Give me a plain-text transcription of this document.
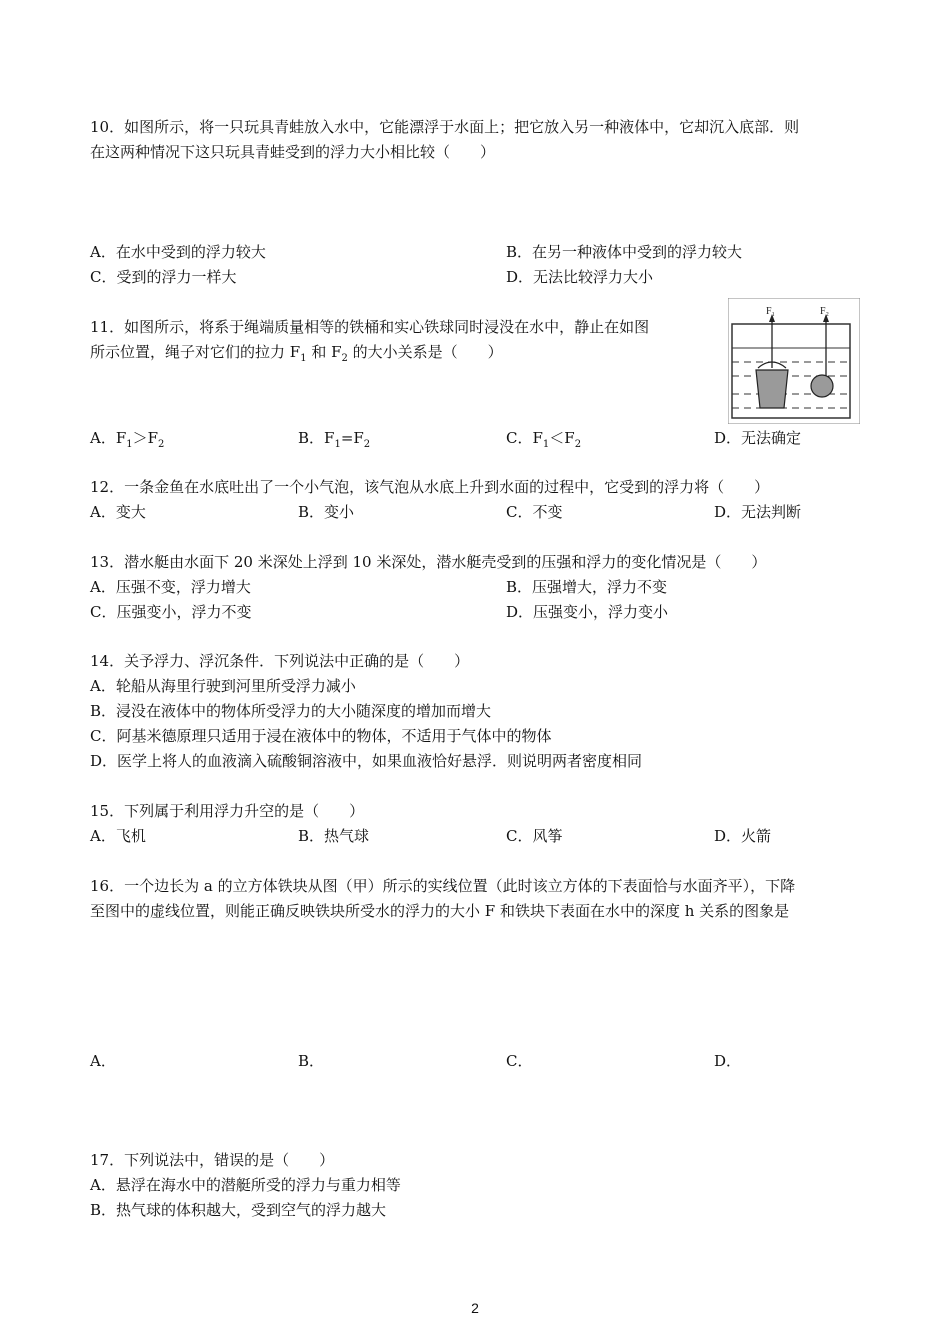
10．如图所示，将一只玩具青蛙放入水中，它能漂浮于水面上；把它放入另一种液体中，它却沉入底部．则
在这两种情况下这只玩具青蛙受到的浮力大小相比较（　　）
A．在水中受到的浮力较大	B．在另一种液体中受到的浮力较大
C．受到的浮力一样大	D．无法比较浮力大小
11．如图所示，将系于绳端质量相等的铁桶和实心铁球同时浸没在水中，静止在如图
所示位置，绳子对它们的拉力 $F_1$ 和 $F_2$ 的大小关系是（　　）
F₁	F₂
A．$F_1>F_2$	B．$F_1=F_2$	C．$F_1<F_2$	D．无法确定
12．一条金鱼在水底吐出了一个小气泡，该气泡从水底上升到水面的过程中，它受到的浮力将（　　）
A．变大	B．变小	C．不变	D．无法判断
13．潜水艇由水面下 20 米深处上浮到 10 米深处，潜水艇壳受到的压强和浮力的变化情况是（　　）
A．压强不变，浮力增大	B．压强增大，浮力不变
C．压强变小，浮力不变	D．压强变小，浮力变小
14．关予浮力、浮沉条件．下列说法中正确的是（　　）
A．轮船从海里行驶到河里所受浮力减小
B．浸没在液体中的物体所受浮力的大小随深度的增加而增大
C．阿基米德原理只适用于浸在液体中的物体，不适用于气体中的物体
D．医学上将人的血液滴入硫酸铜溶液中，如果血液恰好悬浮．则说明两者密度相同
15．下列属于利用浮力升空的是（　　）
A．飞机	B．热气球	C．风筝	D．火箭
16．一个边长为 a 的立方体铁块从图（甲）所示的实线位置（此时该立方体的下表面恰与水面齐平），下降
至图中的虚线位置，则能正确反映铁块所受水的浮力的大小 F 和铁块下表面在水中的深度 h 关系的图象是
A．	B．	C．	D．
17．下列说法中，错误的是（　　）
A．悬浮在海水中的潜艇所受的浮力与重力相等
B．热气球的体积越大，受到空气的浮力越大
2
